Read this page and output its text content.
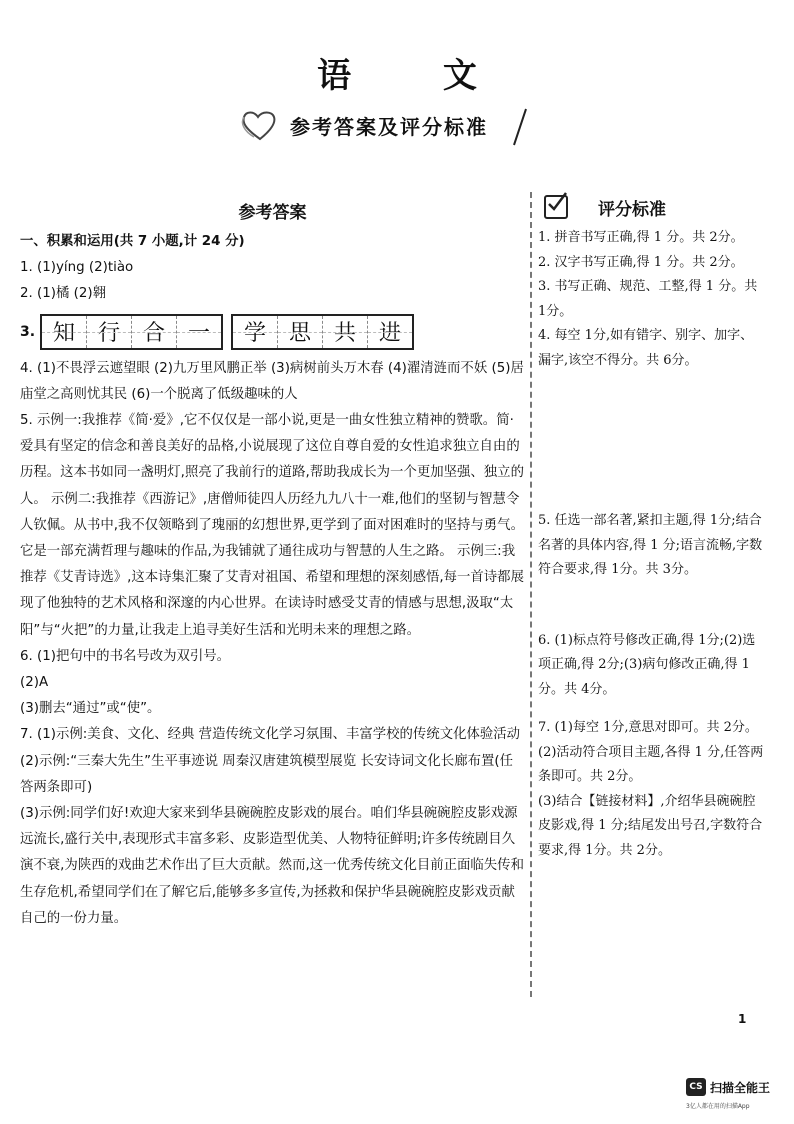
语 文
参考答案及评分标准
参考答案

一、积累和运用(共 7 小题,计 24 分)

1. (1)yíng (2)tiào

2. (1)橘 (2)翱

3. 知	行	合	一	学	思	共	进

4. (1)不畏浮云遮望眼 (2)九万里风鹏正举 (3)病树前头万木春 (4)濯清涟而不妖 (5)居庙堂之高则忧其民 (6)一个脱离了低级趣味的人

5. 示例一:我推荐《简·爱》,它不仅仅是一部小说,更是一曲女性独立精神的赞歌。简·爱具有坚定的信念和善良美好的品格,小说展现了这位自尊自爱的女性追求独立自由的历程。这本书如同一盏明灯,照亮了我前行的道路,帮助我成长为一个更加坚强、独立的人。 示例二:我推荐《西游记》,唐僧师徒四人历经九九八十一难,他们的坚韧与智慧令人钦佩。从书中,我不仅领略到了瑰丽的幻想世界,更学到了面对困难时的坚持与勇气。它是一部充满哲理与趣味的作品,为我铺就了通往成功与智慧的人生之路。 示例三:我推荐《艾青诗选》,这本诗集汇聚了艾青对祖国、希望和理想的深刻感悟,每一首诗都展现了他独特的艺术风格和深邃的内心世界。在读诗时感受艾青的情感与思想,汲取“太阳”与“火把”的力量,让我走上追寻美好生活和光明未来的理想之路。

6. (1)把句中的书名号改为双引号。

(2)A

(3)删去“通过”或“使”。

7. (1)示例:美食、文化、经典 营造传统文化学习氛围、丰富学校的传统文化体验活动

(2)示例:“三秦大先生”生平事迹说 周秦汉唐建筑模型展览 长安诗词文化长廊布置(任答两条即可)

(3)示例:同学们好!欢迎大家来到华县碗碗腔皮影戏的展台。咱们华县碗碗腔皮影戏源远流长,盛行关中,表现形式丰富多彩、皮影造型优美、人物特征鲜明;许多传统剧目久演不衰,为陕西的戏曲艺术作出了巨大贡献。然而,这一优秀传统文化目前正面临失传和生存危机,希望同学们在了解它后,能够多多宣传,为拯救和保护华县碗碗腔皮影戏贡献自己的一份力量。

评分标准

1. 拼音书写正确,得 1 分。共 2分。

2. 汉字书写正确,得 1 分。共 2分。

3. 书写正确、规范、工整,得 1 分。共 1分。

4. 每空 1分,如有错字、别字、加字、漏字,该空不得分。共 6分。

5. 任选一部名著,紧扣主题,得 1分;结合名著的具体内容,得 1 分;语言流畅,字数符合要求,得 1分。共 3分。

6. (1)标点符号修改正确,得 1分;(2)选项正确,得 2分;(3)病句修改正确,得 1分。共 4分。

7. (1)每空 1分,意思对即可。共 2分。

(2)活动符合项目主题,各得 1 分,任答两条即可。共 2分。

(3)结合【链接材料】,介绍华县碗碗腔皮影戏,得 1 分;结尾发出号召,字数符合要求,得 1分。共 2分。

1
CS 扫描全能王
3亿人都在用的扫描App
